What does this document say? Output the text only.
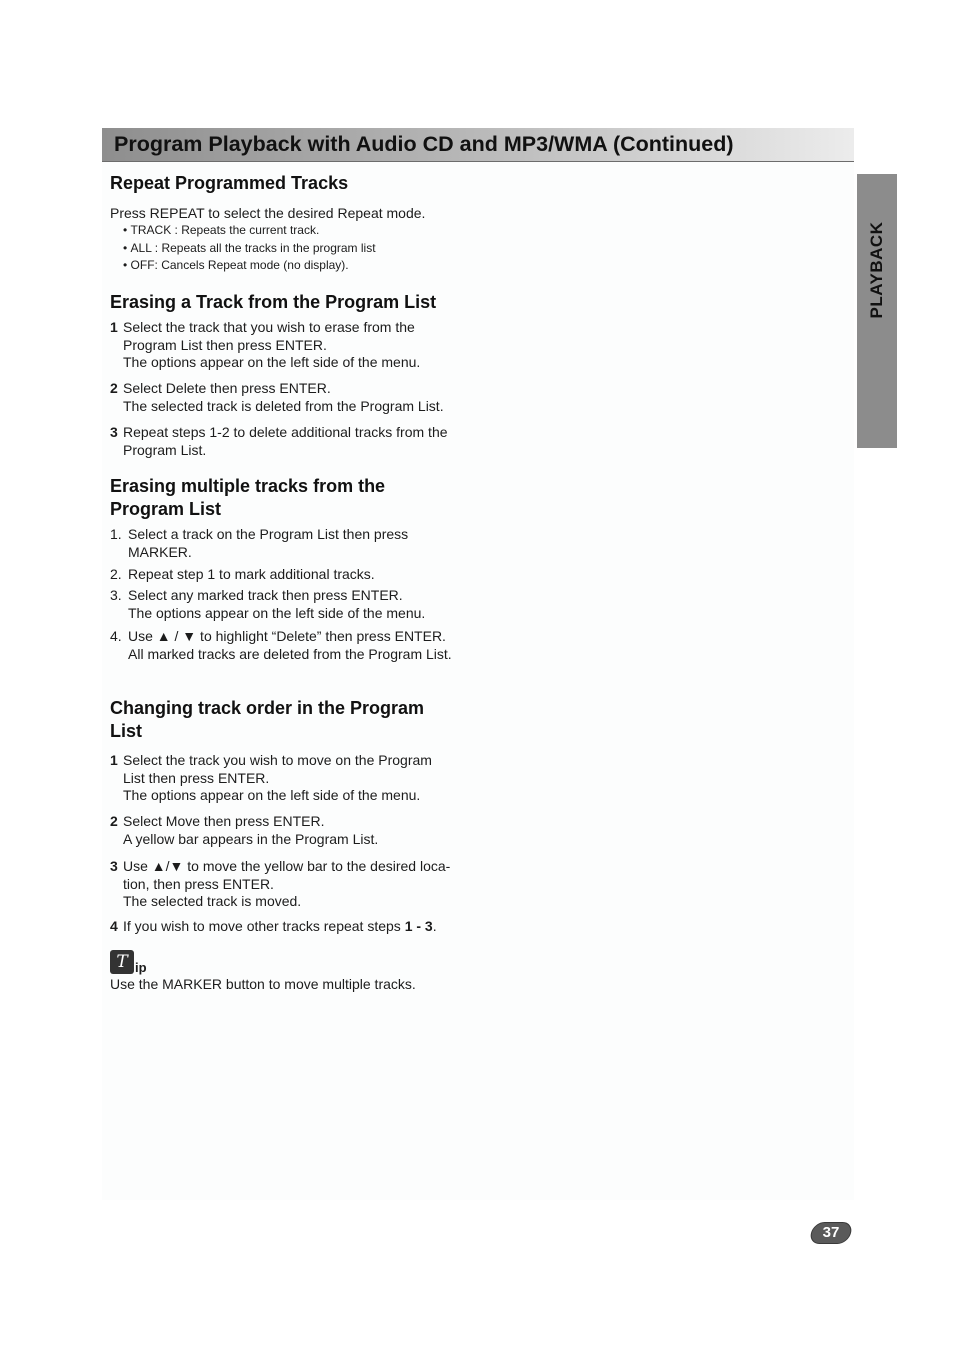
Program Playback with Audio CD and MP3/WMA (Continued)
PLAYBACK
Repeat Programmed Tracks

Press REPEAT to select the desired Repeat mode.

• TRACK : Repeats the current track.
• ALL : Repeats all the tracks in the program list
• OFF: Cancels Repeat mode (no display).
Erasing a Track from the Program List
1 Select the track that you wish to erase from the
Program List then press ENTER.
The options appear on the left side of the menu.
2 Select Delete then press ENTER.
The selected track is deleted from the Program List.
3 Repeat steps 1-2 to delete additional tracks from the
Program List.
Erasing multiple tracks from the
Program List
1. Select a track on the Program List then press
MARKER.
2. Repeat step 1 to mark additional tracks.
3. Select any marked track then press ENTER.
The options appear on the left side of the menu.
4. Use ▲ / ▼ to highlight “Delete” then press ENTER.
All marked tracks are deleted from the Program List.
Changing track order in the Program
List
1 Select the track you wish to move on the Program
List then press ENTER.
The options appear on the left side of the menu.
2 Select Move then press ENTER.
A yellow bar appears in the Program List.
3 Use ▲/▼ to move the yellow bar to the desired loca-
tion, then press ENTER.
The selected track is moved.
4 If you wish to move other tracks repeat steps 1 - 3.
T ip

Use the MARKER button to move multiple tracks.

37
